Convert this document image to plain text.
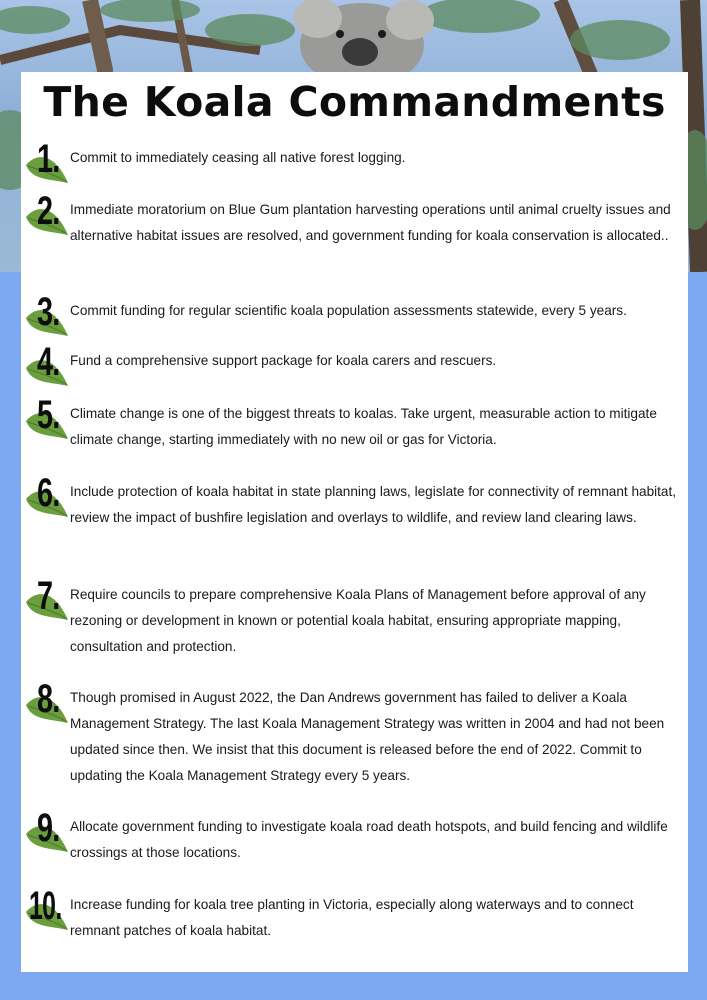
The Koala Commandments
1. Commit to immediately ceasing all native forest logging.

2. Immediate moratorium on Blue Gum plantation harvesting operations until animal cruelty issues and alternative habitat issues are resolved, and government funding for koala conservation is allocated..

3. Commit funding for regular scientific koala population assessments statewide, every 5 years.

4. Fund a comprehensive support package for koala carers and rescuers.

5. Climate change is one of the biggest threats to koalas. Take urgent, measurable action to mitigate climate change, starting immediately with no new oil or gas for Victoria.

6. Include protection of koala habitat in state planning laws, legislate for connectivity of remnant habitat, review the impact of bushfire legislation and overlays to wildlife, and review land clearing laws.

7. Require councils to prepare comprehensive Koala Plans of Management before approval of any rezoning or development in known or potential koala habitat, ensuring appropriate mapping, consultation and protection.

8. Though promised in August 2022, the Dan Andrews government has failed to deliver a Koala Management Strategy. The last Koala Management Strategy was written in 2004 and had not been updated since then. We insist that this document is released before the end of 2022. Commit to updating the Koala Management Strategy every 5 years.

9. Allocate government funding to investigate koala road death hotspots, and build fencing and wildlife crossings at those locations.

10. Increase funding for koala tree planting in Victoria, especially along waterways and to connect remnant patches of koala habitat.
